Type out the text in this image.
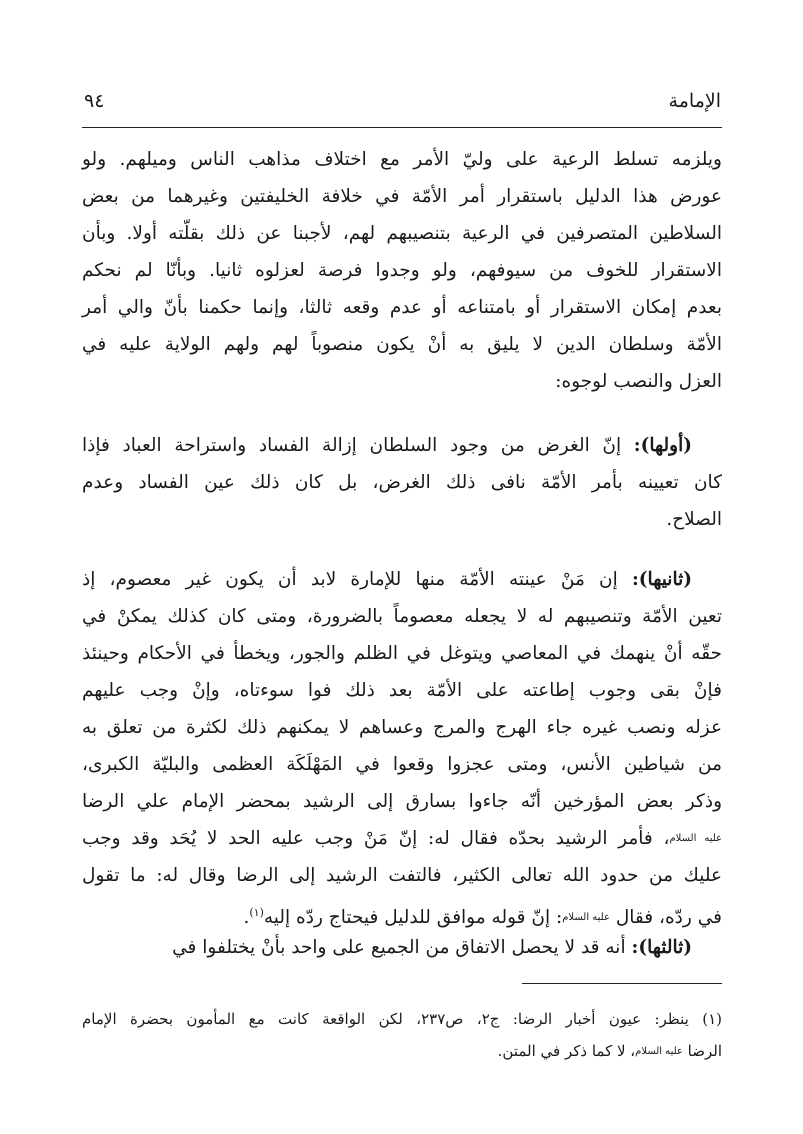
الإمامة
٩٤
ويلزمه تسلط الرعية على وليّ الأمر مع اختلاف مذاهب الناس وميلهم. ولو
عورض هذا الدليل باستقرار أمر الأمّة في خلافة الخليفتين وغيرهما من بعض
السلاطين المتصرفين في الرعية بتنصيبهم لهم، لأجبنا عن ذلك بقلّته أولا. وبأن
الاستقرار للخوف من سيوفهم، ولو وجدوا فرصة لعزلوه ثانيا. وبأنّا لم نحكم
بعدم إمكان الاستقرار أو بامتناعه أو عدم وقعه ثالثا، وإنما حكمنا بأنّ والي أمر
الأمّة وسلطان الدين لا يليق به أنْ يكون منصوباً لهم ولهم الولاية عليه في
العزل والنصب لوجوه:
(أولها): إنّ الغرض من وجود السلطان إزالة الفساد واستراحة العباد فإذا
كان تعيينه بأمر الأمّة نافى ذلك الغرض، بل كان ذلك عين الفساد وعدم
الصلاح.
(ثانيها): إن مَنْ عينته الأمّة منها للإمارة لابد أن يكون غير معصوم، إذ
تعين الأمّة وتنصيبهم له لا يجعله معصوماً بالضرورة، ومتى كان كذلك يمكنْ في
حقّه أنْ ينهمك في المعاصي ويتوغل في الظلم والجور، ويخطأ في الأحكام وحينئذ
فإنْ بقى وجوب إطاعته على الأمّة بعد ذلك فوا سوءتاه، وإنْ وجب عليهم
عزله ونصب غيره جاء الهرج والمرج وعساهم لا يمكنهم ذلك لكثرة من تعلق به
من شياطين الأنس، ومتى عجزوا وقعوا في المَهْلَكَة العظمى والبليّة الكبرى،
وذكر بعض المؤرخين أنّه جاءوا بسارق إلى الرشيد بمحضر الإمام علي الرضا
عليه السلام، فأمر الرشيد بحدّه فقال له: إنّ مَنْ وجب عليه الحد لا يُحَد وقد وجب
عليك من حدود الله تعالى الكثير، فالتفت الرشيد إلى الرضا وقال له: ما تقول
في ردّه، فقال عليه السلام: إنّ قوله موافق للدليل فيحتاج ردّه إليه$^{(١)}$.
(ثالثها): أنه قد لا يحصل الاتفاق من الجميع على واحد بأنْ يختلفوا في
(١) ينظر: عيون أخبار الرضا: ج٢، ص٢٣٧، لكن الواقعة كانت مع المأمون بحضرة الإمام
الرضا عليه السلام، لا كما ذكر في المتن.
